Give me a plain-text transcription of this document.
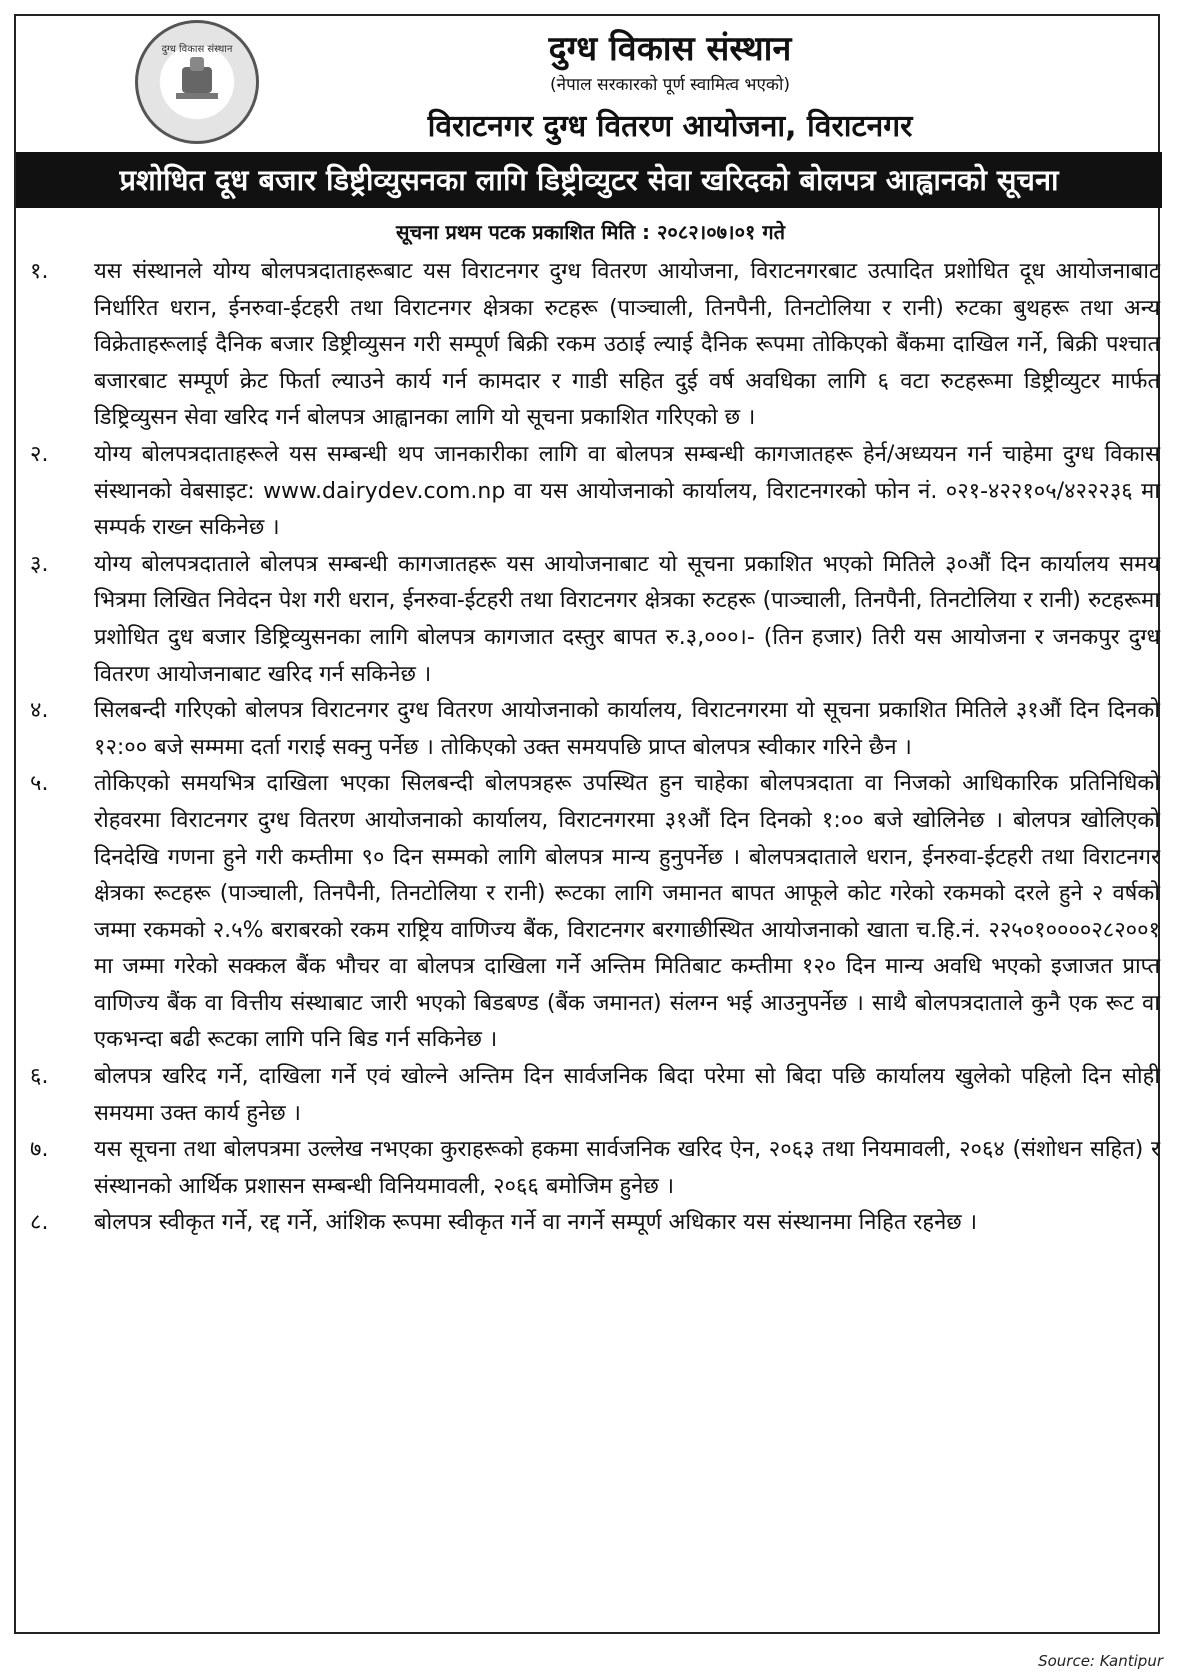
दुग्ध विकास संस्थान	दुग्ध विकास संस्थान

(नेपाल सरकारको पूर्ण स्वामित्व भएको)

विराटनगर दुग्ध वितरण आयोजना, विराटनगर
प्रशोधित दूध बजार डिष्ट्रीव्युसनका लागि डिष्ट्रीव्युटर सेवा खरिदको बोलपत्र आह्वानको सूचना

सूचना प्रथम पटक प्रकाशित मिति : २०८२।०७।०१ गते

१.	यस संस्थानले योग्य बोलपत्रदाताहरूबाट यस विराटनगर दुग्ध वितरण आयोजना, विराटनगरबाट उत्पादित प्रशोधित दूध आयोजनाबाट निर्धारित धरान, ईनरुवा-ईटहरी तथा विराटनगर क्षेत्रका रुटहरू (पाञ्चाली, तिनपैनी, तिनटोलिया र रानी) रुटका बुथहरू तथा अन्य विक्रेताहरूलाई दैनिक बजार डिष्ट्रीव्युसन गरी सम्पूर्ण बिक्री रकम उठाई ल्याई दैनिक रूपमा तोकिएको बैंकमा दाखिल गर्ने, बिक्री पश्चात बजारबाट सम्पूर्ण क्रेट फिर्ता ल्याउने कार्य गर्न कामदार र गाडी सहित दुई वर्ष अवधिका लागि ६ वटा रुटहरूमा डिष्ट्रीव्युटर मार्फत डिष्ट्रिव्युसन सेवा खरिद गर्न बोलपत्र आह्वानका लागि यो सूचना प्रकाशित गरिएको छ ।
२.	योग्य बोलपत्रदाताहरूले यस सम्बन्धी थप जानकारीका लागि वा बोलपत्र सम्बन्धी कागजातहरू हेर्न/अध्ययन गर्न चाहेमा दुग्ध विकास संस्थानको वेबसाइट: www.dairydev.com.np वा यस आयोजनाको कार्यालय, विराटनगरको फोन नं. ०२१-४२२१०५/४२२२३६ मा सम्पर्क राख्न सकिनेछ ।
३.	योग्य बोलपत्रदाताले बोलपत्र सम्बन्धी कागजातहरू यस आयोजनाबाट यो सूचना प्रकाशित भएको मितिले ३०औं दिन कार्यालय समय भित्रमा लिखित निवेदन पेश गरी धरान, ईनरुवा-ईटहरी तथा विराटनगर क्षेत्रका रुटहरू (पाञ्चाली, तिनपैनी, तिनटोलिया र रानी) रुटहरूमा प्रशोधित दुध बजार डिष्ट्रिव्युसनका लागि बोलपत्र कागजात दस्तुर बापत रु.३,०००।- (तिन हजार) तिरी यस आयोजना र जनकपुर दुग्ध वितरण आयोजनाबाट खरिद गर्न सकिनेछ ।
४.	सिलबन्दी गरिएको बोलपत्र विराटनगर दुग्ध वितरण आयोजनाको कार्यालय, विराटनगरमा यो सूचना प्रकाशित मितिले ३१औं दिन दिनको १२:०० बजे सम्ममा दर्ता गराई सक्नु पर्नेछ । तोकिएको उक्त समयपछि प्राप्त बोलपत्र स्वीकार गरिने छैन ।
५.	तोकिएको समयभित्र दाखिला भएका सिलबन्दी बोलपत्रहरू उपस्थित हुन चाहेका बोलपत्रदाता वा निजको आधिकारिक प्रतिनिधिको रोहवरमा विराटनगर दुग्ध वितरण आयोजनाको कार्यालय, विराटनगरमा ३१औं दिन दिनको १:०० बजे खोलिनेछ । बोलपत्र खोलिएको दिनदेखि गणना हुने गरी कम्तीमा ९० दिन सम्मको लागि बोलपत्र मान्य हुनुपर्नेछ । बोलपत्रदाताले धरान, ईनरुवा-ईटहरी तथा विराटनगर क्षेत्रका रूटहरू (पाञ्चाली, तिनपैनी, तिनटोलिया र रानी) रूटका लागि जमानत बापत आफूले कोट गरेको रकमको दरले हुने २ वर्षको जम्मा रकमको २.५% बराबरको रकम राष्ट्रिय वाणिज्य बैंक, विराटनगर बरगाछीस्थित आयोजनाको खाता च.हि.नं. २२५०१००००२८२००१ मा जम्मा गरेको सक्कल बैंक भौचर वा बोलपत्र दाखिला गर्ने अन्तिम मितिबाट कम्तीमा १२० दिन मान्य अवधि भएको इजाजत प्राप्त वाणिज्य बैंक वा वित्तीय संस्थाबाट जारी भएको बिडबण्ड (बैंक जमानत) संलग्न भई आउनुपर्नेछ । साथै बोलपत्रदाताले कुनै एक रूट वा एकभन्दा बढी रूटका लागि पनि बिड गर्न सकिनेछ ।
६.	बोलपत्र खरिद गर्ने, दाखिला गर्ने एवं खोल्ने अन्तिम दिन सार्वजनिक बिदा परेमा सो बिदा पछि कार्यालय खुलेको पहिलो दिन सोही समयमा उक्त कार्य हुनेछ ।
७.	यस सूचना तथा बोलपत्रमा उल्लेख नभएका कुराहरूको हकमा सार्वजनिक खरिद ऐन, २०६३ तथा नियमावली, २०६४ (संशोधन सहित) र संस्थानको आर्थिक प्रशासन सम्बन्धी विनियमावली, २०६६ बमोजिम हुनेछ ।
८.	बोलपत्र स्वीकृत गर्ने, रद्द गर्ने, आंशिक रूपमा स्वीकृत गर्ने वा नगर्ने सम्पूर्ण अधिकार यस संस्थानमा निहित रहनेछ ।
Source: Kantipur
